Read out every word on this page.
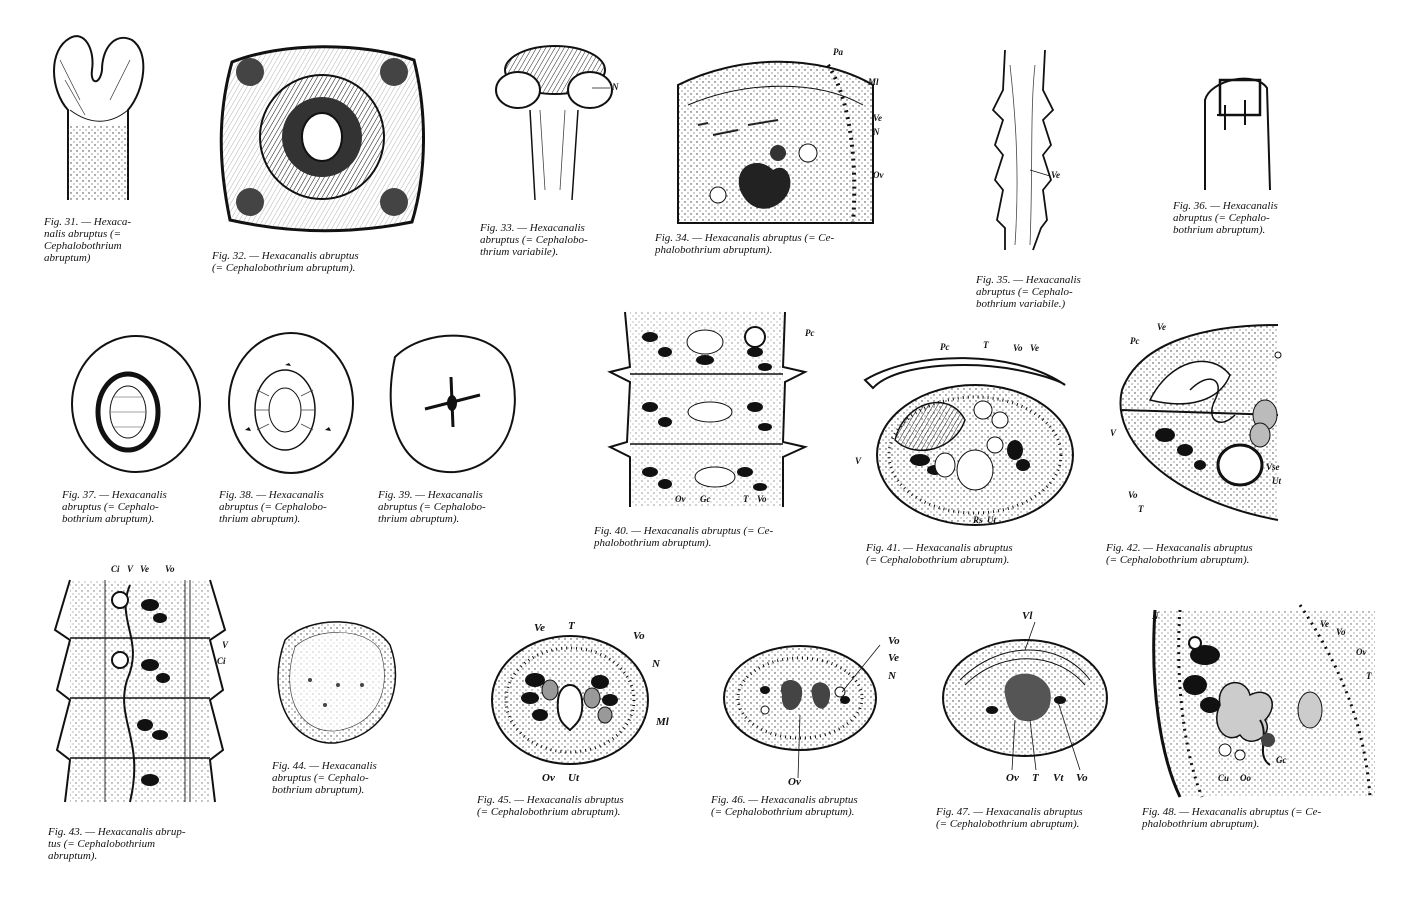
Fig. 31. — Hexaca-
nalis abruptus (=
Cephalobothrium
abruptum)	Fig. 32. — Hexacanalis abruptus
(= Cephalobothrium abruptum).
N
Fig. 33. — Hexacanalis
abruptus (= Cephalobo-
thrium variabile).
Pa
Ml
Ve
N
Ov
Fig. 34. — Hexacanalis abruptus (= Ce-
phalobothrium abruptum).
Ve
Fig. 35. — Hexacanalis
abruptus (= Cephalo-
bothrium variabile.)
Fig. 36. — Hexacanalis
abruptus (= Cephalo-
bothrium abruptum).
Fig. 37. — Hexacanalis
abruptus (= Cephalo-
bothrium abruptum).
Fig. 38. — Hexacanalis
abruptus (= Cephalobo-
thrium abruptum).
Fig. 39. — Hexacanalis
abruptus (= Cephalobo-
thrium abruptum).
Pc
Ov Gc	T Vo
Fig. 40. — Hexacanalis abruptus (= Ce-
phalobothrium abruptum).
Pc	T	Vo Ve
V
Rs Ut
Fig. 41. — Hexacanalis abruptus
(= Cephalobothrium abruptum).
Ve
Pc
V
Vo
T
Vse
Ut
Fig. 42. — Hexacanalis abruptus
(= Cephalobothrium abruptum).
Ci V Ve Vo
V
Ci
Fig. 43. — Hexacanalis abrup-
tus (= Cephalobothrium
abruptum).
Fig. 44. — Hexacanalis
abruptus (= Cephalo-
bothrium abruptum).
Ve T
Vo
N
Ml
Ov Ut
Fig. 45. — Hexacanalis abruptus
(= Cephalobothrium abruptum).
Vo
Ve
N
Ov
Fig. 46. — Hexacanalis abruptus
(= Cephalobothrium abruptum).
Vl
Ov T Vt Vo
Fig. 47. — Hexacanalis abruptus
(= Cephalobothrium abruptum).
N
Ve
Vo
Ov
T
Cu Oo
Gc
Fig. 48. — Hexacanalis abruptus (= Ce-
phalobothrium abruptum).
